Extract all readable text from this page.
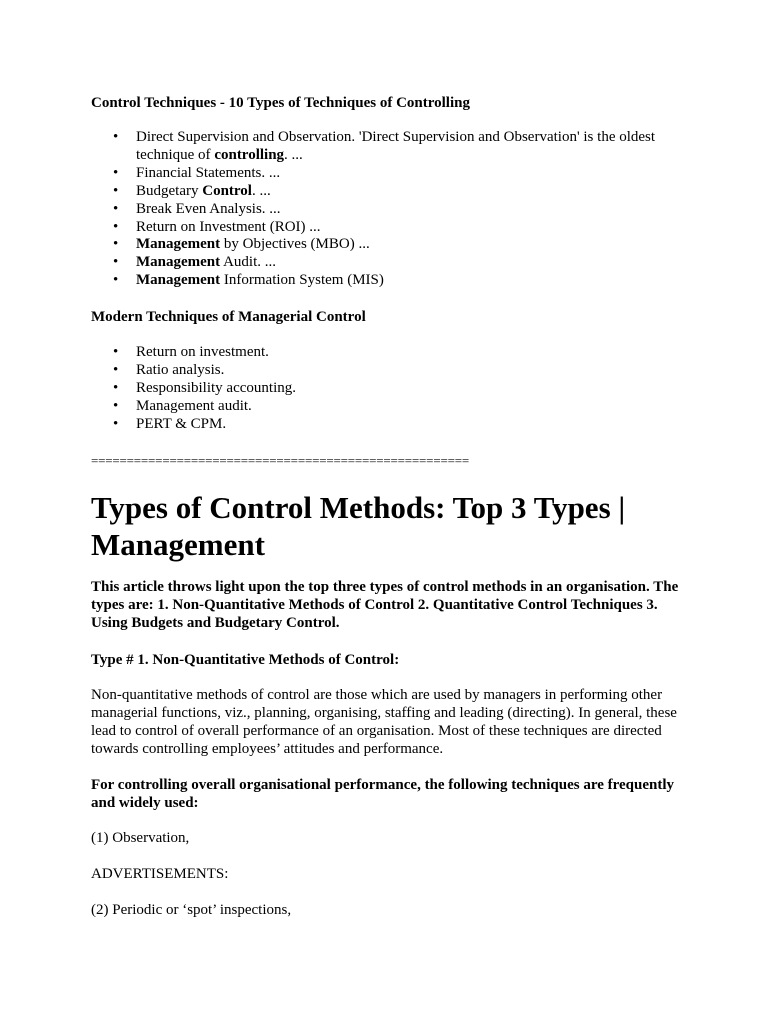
Control Techniques - 10 Types of Techniques of Controlling

• Direct Supervision and Observation. 'Direct Supervision and Observation' is the oldest technique of controlling. ...
• Financial Statements. ...
• Budgetary Control. ...
• Break Even Analysis. ...
• Return on Investment (ROI) ...
• Management by Objectives (MBO) ...
• Management Audit. ...
• Management Information System (MIS)

Modern Techniques of Managerial Control

• Return on investment.
• Ratio analysis.
• Responsibility accounting.
• Management audit.
• PERT & CPM.

=====================================================

Types of Control Methods: Top 3 Types | Management

This article throws light upon the top three types of control methods in an organisation. The types are: 1. Non-Quantitative Methods of Control 2. Quantitative Control Techniques 3. Using Budgets and Budgetary Control.

Type # 1. Non-Quantitative Methods of Control:

Non-quantitative methods of control are those which are used by managers in performing other managerial functions, viz., planning, organising, staffing and leading (directing). In general, these lead to control of overall performance of an organisation. Most of these techniques are directed towards controlling employees’ attitudes and performance.

For controlling overall organisational performance, the following techniques are frequently and widely used:

(1) Observation,

ADVERTISEMENTS:

(2) Periodic or ‘spot’ inspections,
